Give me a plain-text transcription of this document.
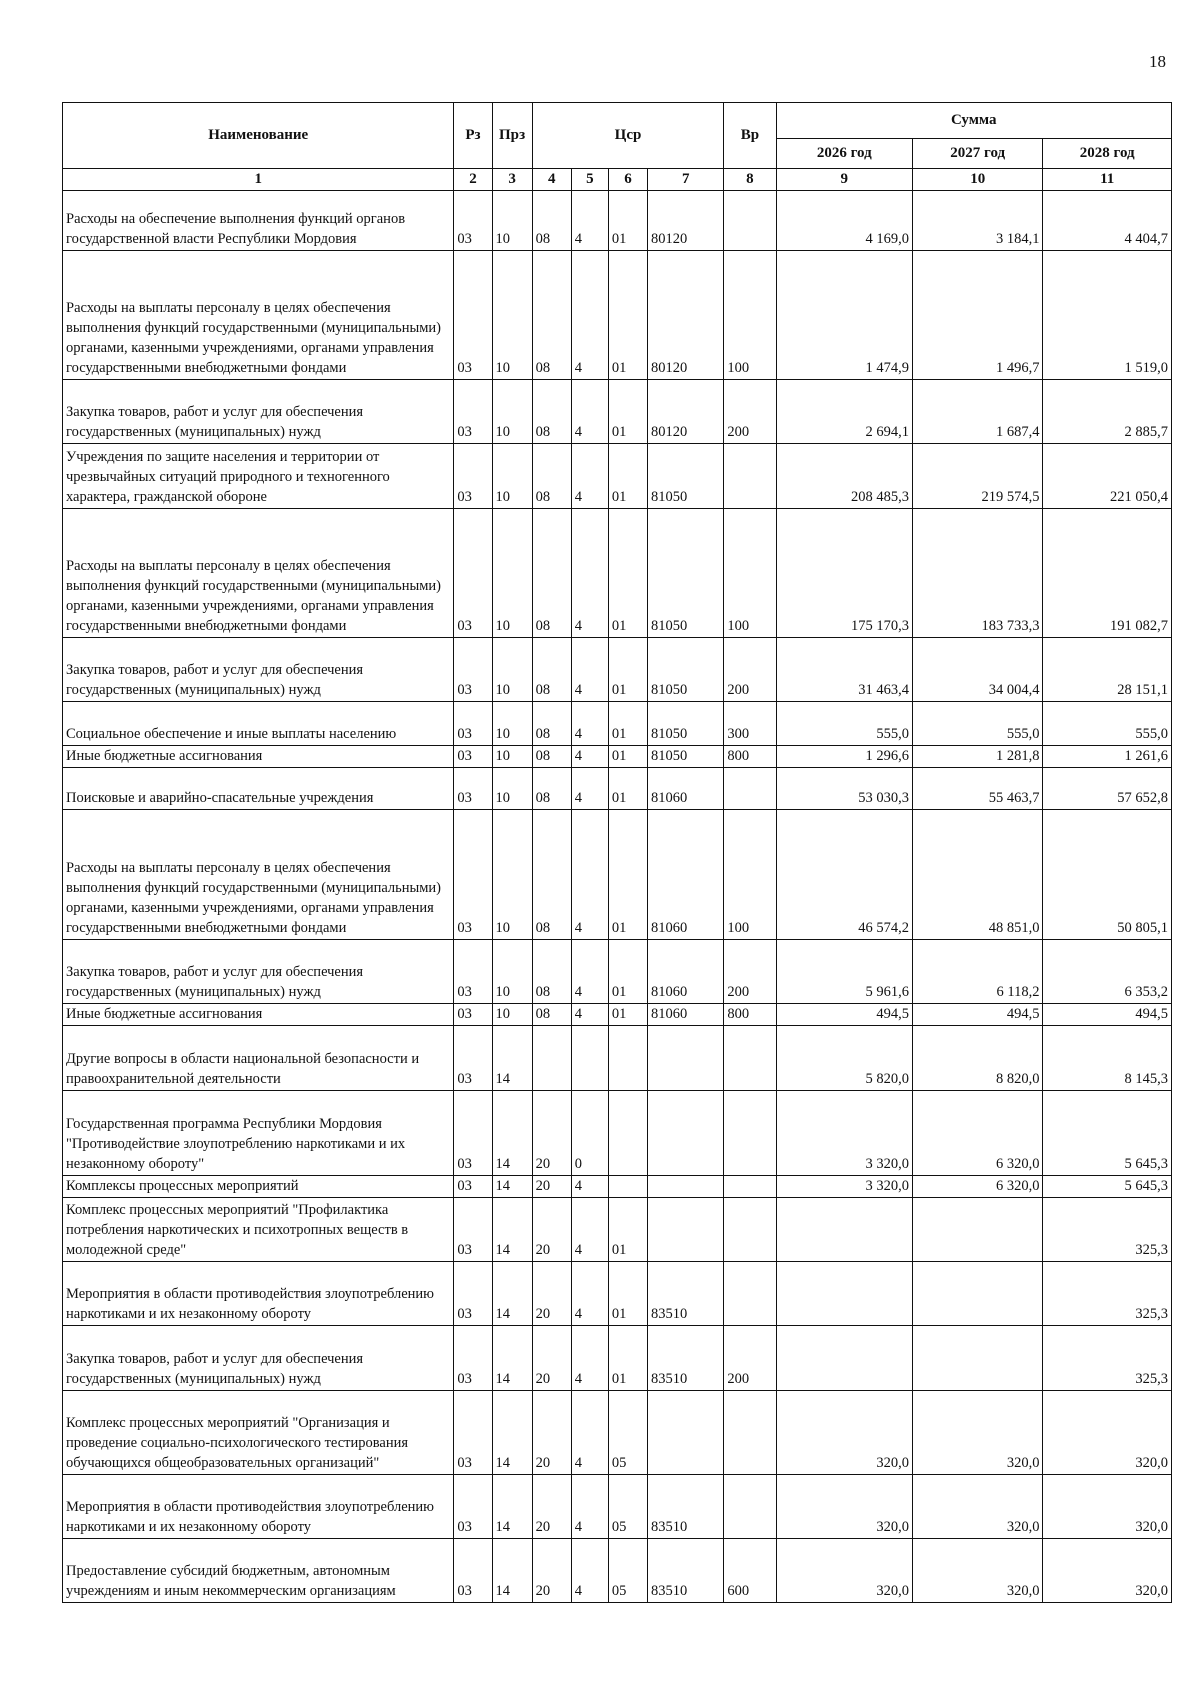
18
Наименование	Рз	Прз	Цср				Вр	Сумма		
								2026 год	2027 год	2028 год
1	2	3	4	5	6	7	8	9	10	11
Расходы на обеспечение выполнения функций органов государственной власти Республики Мордовия	03	10	08	4	01	80120		4 169,0	3 184,1	4 404,7
Расходы на выплаты персоналу в целях обеспечения выполнения функций государственными (муниципальными) органами, казенными учреждениями, органами управления государственными внебюджетными фондами	03	10	08	4	01	80120	100	1 474,9	1 496,7	1 519,0
Закупка товаров, работ и услуг для обеспечения государственных (муниципальных) нужд	03	10	08	4	01	80120	200	2 694,1	1 687,4	2 885,7
Учреждения по защите населения и территории от чрезвычайных ситуаций природного и техногенного характера, гражданской обороне	03	10	08	4	01	81050		208 485,3	219 574,5	221 050,4
Расходы на выплаты персоналу в целях обеспечения выполнения функций государственными (муниципальными) органами, казенными учреждениями, органами управления государственными внебюджетными фондами	03	10	08	4	01	81050	100	175 170,3	183 733,3	191 082,7
Закупка товаров, работ и услуг для обеспечения государственных (муниципальных) нужд	03	10	08	4	01	81050	200	31 463,4	34 004,4	28 151,1
Социальное обеспечение и иные выплаты населению	03	10	08	4	01	81050	300	555,0	555,0	555,0
Иные бюджетные ассигнования	03	10	08	4	01	81050	800	1 296,6	1 281,8	1 261,6
Поисковые и аварийно-спасательные учреждения	03	10	08	4	01	81060		53 030,3	55 463,7	57 652,8
Расходы на выплаты персоналу в целях обеспечения выполнения функций государственными (муниципальными) органами, казенными учреждениями, органами управления государственными внебюджетными фондами	03	10	08	4	01	81060	100	46 574,2	48 851,0	50 805,1
Закупка товаров, работ и услуг для обеспечения государственных (муниципальных) нужд	03	10	08	4	01	81060	200	5 961,6	6 118,2	6 353,2
Иные бюджетные ассигнования	03	10	08	4	01	81060	800	494,5	494,5	494,5
Другие вопросы в области национальной безопасности и правоохранительной деятельности	03	14						5 820,0	8 820,0	8 145,3
Государственная программа Республики Мордовия "Противодействие злоупотреблению наркотиками и их незаконному обороту"	03	14	20	0				3 320,0	6 320,0	5 645,3
Комплексы процессных мероприятий	03	14	20	4				3 320,0	6 320,0	5 645,3
Комплекс процессных мероприятий "Профилактика потребления наркотических и психотропных веществ в молодежной среде"	03	14	20	4	01					325,3
Мероприятия в области противодействия злоупотреблению наркотиками и их незаконному обороту	03	14	20	4	01	83510				325,3
Закупка товаров, работ и услуг для обеспечения государственных (муниципальных) нужд	03	14	20	4	01	83510	200			325,3
Комплекс процессных мероприятий "Организация и проведение социально-психологического тестирования обучающихся общеобразовательных организаций"	03	14	20	4	05			320,0	320,0	320,0
Мероприятия в области противодействия злоупотреблению наркотиками и их незаконному обороту	03	14	20	4	05	83510		320,0	320,0	320,0
Предоставление субсидий бюджетным, автономным учреждениям и иным некоммерческим организациям	03	14	20	4	05	83510	600	320,0	320,0	320,0
